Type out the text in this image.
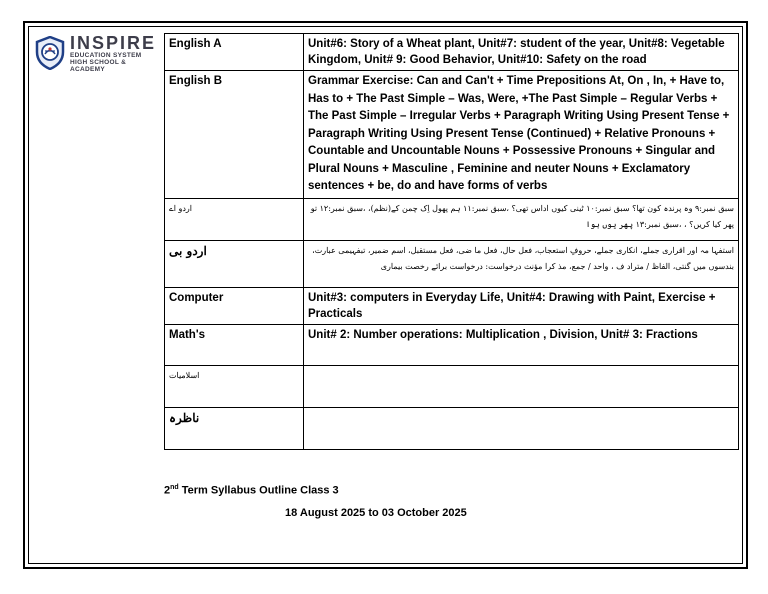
INSPIRE
EDUCATION SYSTEM
HIGH SCHOOL & ACADEMY
English A	Unit#6: Story of a Wheat plant, Unit#7: student of the year, Unit#8: Vegetable Kingdom, Unit# 9: Good Behavior, Unit#10: Safety on the road
English B	Grammar Exercise: Can and Can't + Time Prepositions At, On , In, + Have to, Has to + The Past Simple – Was, Were, +The Past Simple – Regular Verbs + The Past Simple – Irregular Verbs + Paragraph Writing Using Present Tense + Paragraph Writing Using Present Tense (Continued) + Relative Pronouns + Countable and Uncountable Nouns + Possessive Pronouns + Singular and Plural Nouns + Masculine , Feminine and neuter Nouns + Exclamatory sentences + be, do and have forms of verbs
اردو اے	سبق نمبر:۹ وہ پرندہ کون تھا؟ سبق نمبر:۱۰ ٹینی کیوں اداس تھی؟ ،سبق نمبر:۱۱ ہم پھول اِک چمن کے(نظم)، ،سبق نمبر:۱۲ تو پھر کیا کریں؟ ، ،سبق نمبر:۱۳ پھر یوں ہوا
اردو بی	استفہا مہ اور اقراری جملے، انکاری جملے، حروفِ استعجاب، فعل حال، فعل ما ضی، فعل مستقبل، اسم ضمیر، تبفہیمی عبارت، بندسوں میں گنتی، الفاظ / متراد ف ، واحد / جمع، مذ کرا مؤنث درخواست: درخواست برائے رخصت بیماری
Computer	Unit#3: computers in Everyday Life, Unit#4: Drawing with Paint, Exercise + Practicals
Math's	Unit# 2: Number operations: Multiplication , Division, Unit# 3: Fractions
اسلامیات	
ناظرہ	
2nd Term Syllabus Outline Class 3
18 August 2025 to 03 October 2025
